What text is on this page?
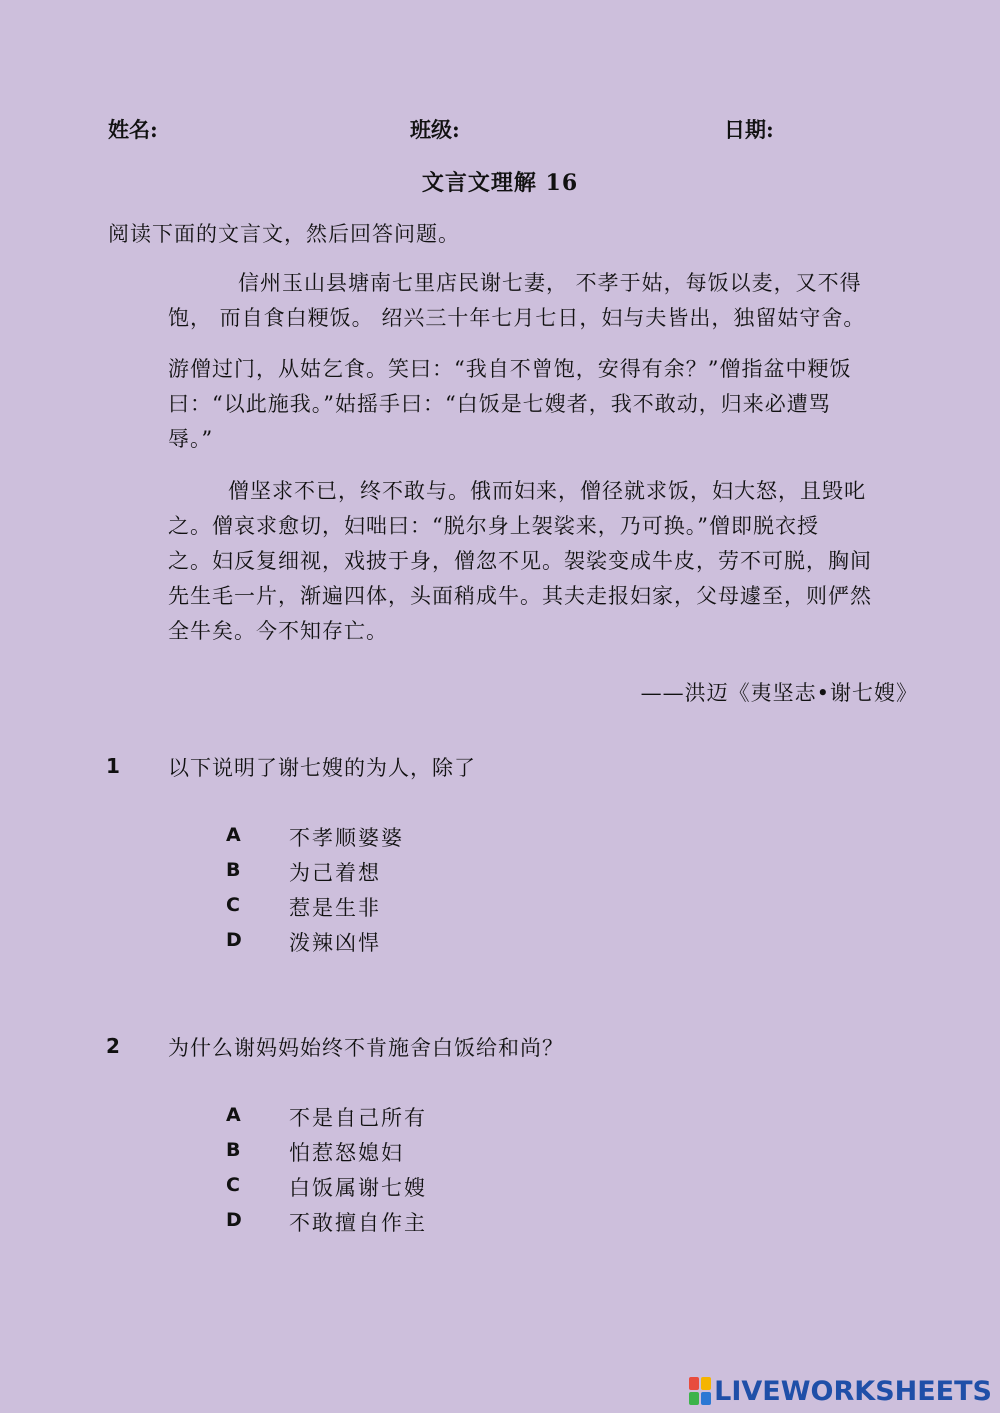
姓名:	班级:	日期:
文言文理解 16
阅读下面的文言文，然后回答问题。
信州玉山县塘南七里店民谢七妻， 不孝于姑，每饭以麦，又不得
饱， 而自食白粳饭。 绍兴三十年七月七日，妇与夫皆出，独留姑守舍。
游僧过门，从姑乞食。笑曰：“我自不曾饱，安得有余？”僧指盆中粳饭
曰：“以此施我。”姑摇手曰：“白饭是七嫂者，我不敢动，归来必遭骂
辱。”
僧坚求不已，终不敢与。俄而妇来，僧径就求饭，妇大怒，且毁叱
之。僧哀求愈切，妇咄曰：“脱尔身上袈裟来，乃可换。”僧即脱衣授
之。妇反复细视，戏披于身，僧忽不见。袈裟变成牛皮，劳不可脱，胸间
先生毛一片，渐遍四体，头面稍成牛。其夫走报妇家，父母遽至，则俨然
全牛矣。今不知存亡。
——洪迈《夷坚志•谢七嫂》
1 以下说明了谢七嫂的为人，除了
A 不孝顺婆婆
B 为己着想
C 惹是生非
D 泼辣凶悍
2 为什么谢妈妈始终不肯施舍白饭给和尚？
A 不是自己所有
B 怕惹怒媳妇
C 白饭属谢七嫂
D 不敢擅自作主
LIVEWORKSHEETS
